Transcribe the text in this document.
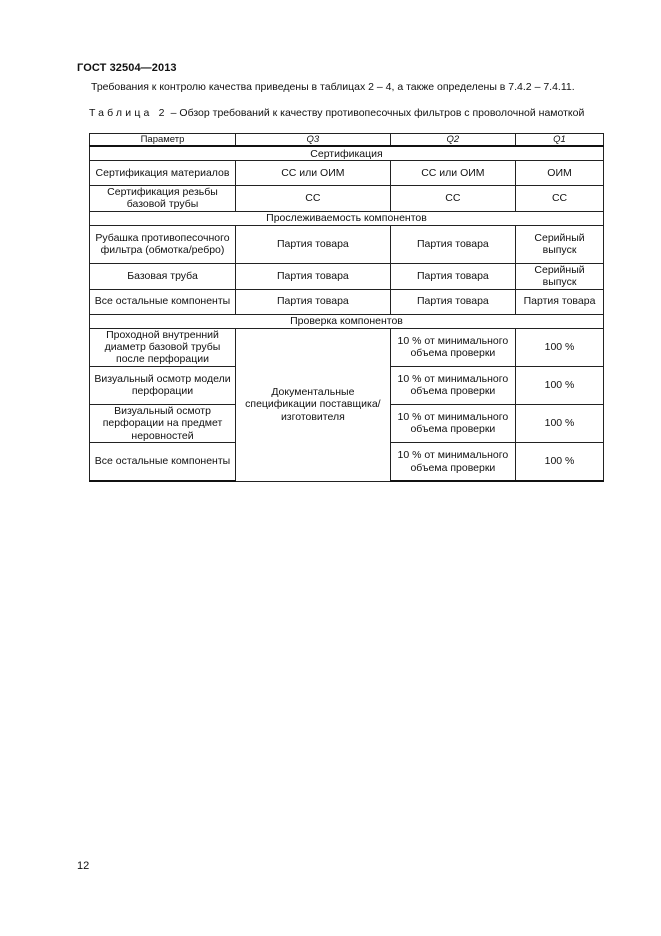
ГОСТ 32504—2013
Требования к контролю качества приведены в таблицах 2 – 4, а также определены в 7.4.2 – 7.4.11.
Таблица 2 – Обзор требований к качеству противопесочных фильтров с проволочной намоткой
Параметр	Q3	Q2	Q1
Сертификация			
Сертификация материалов	СС или ОИМ	СС или ОИМ	ОИМ
Сертификация резьбы базовой трубы	СС	СС	СС
Прослеживаемость компонентов			
Рубашка противопесочного фильтра (обмотка/ребро)	Партия товара	Партия товара	Серийный выпуск
Базовая труба	Партия товара	Партия товара	Серийный выпуск
Все остальные компоненты	Партия товара	Партия товара	Партия товара
Проверка компонентов			
Проходной внутренний диаметр базовой трубы после перфорации	Документальные спецификации поставщика/изготовителя	10 % от минимального объема проверки	100 %
Визуальный осмотр модели перфорации		10 % от минимального объема проверки	100 %
Визуальный осмотр перфорации на предмет неровностей		10 % от минимального объема проверки	100 %
Все остальные компоненты		10 % от минимального объема проверки	100 %
12
